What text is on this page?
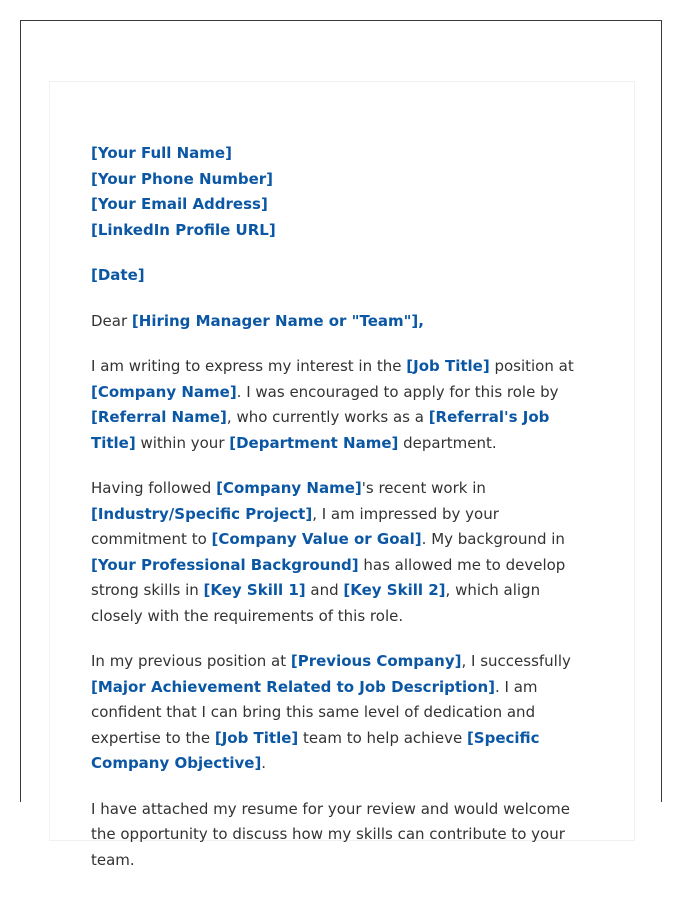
[Your Full Name]
[Your Phone Number]
[Your Email Address]
[LinkedIn Profile URL]

[Date]

Dear [Hiring Manager Name or "Team"],

I am writing to express my interest in the [Job Title] position at [Company Name]. I was encouraged to apply for this role by [Referral Name], who currently works as a [Referral's Job Title] within your [Department Name] department.

Having followed [Company Name]'s recent work in [Industry/Specific Project], I am impressed by your commitment to [Company Value or Goal]. My background in [Your Professional Background] has allowed me to develop strong skills in [Key Skill 1] and [Key Skill 2], which align closely with the requirements of this role.

In my previous position at [Previous Company], I successfully [Major Achievement Related to Job Description]. I am confident that I can bring this same level of dedication and expertise to the [Job Title] team to help achieve [Specific Company Objective].

I have attached my resume for your review and would welcome the opportunity to discuss how my skills can contribute to your team.
